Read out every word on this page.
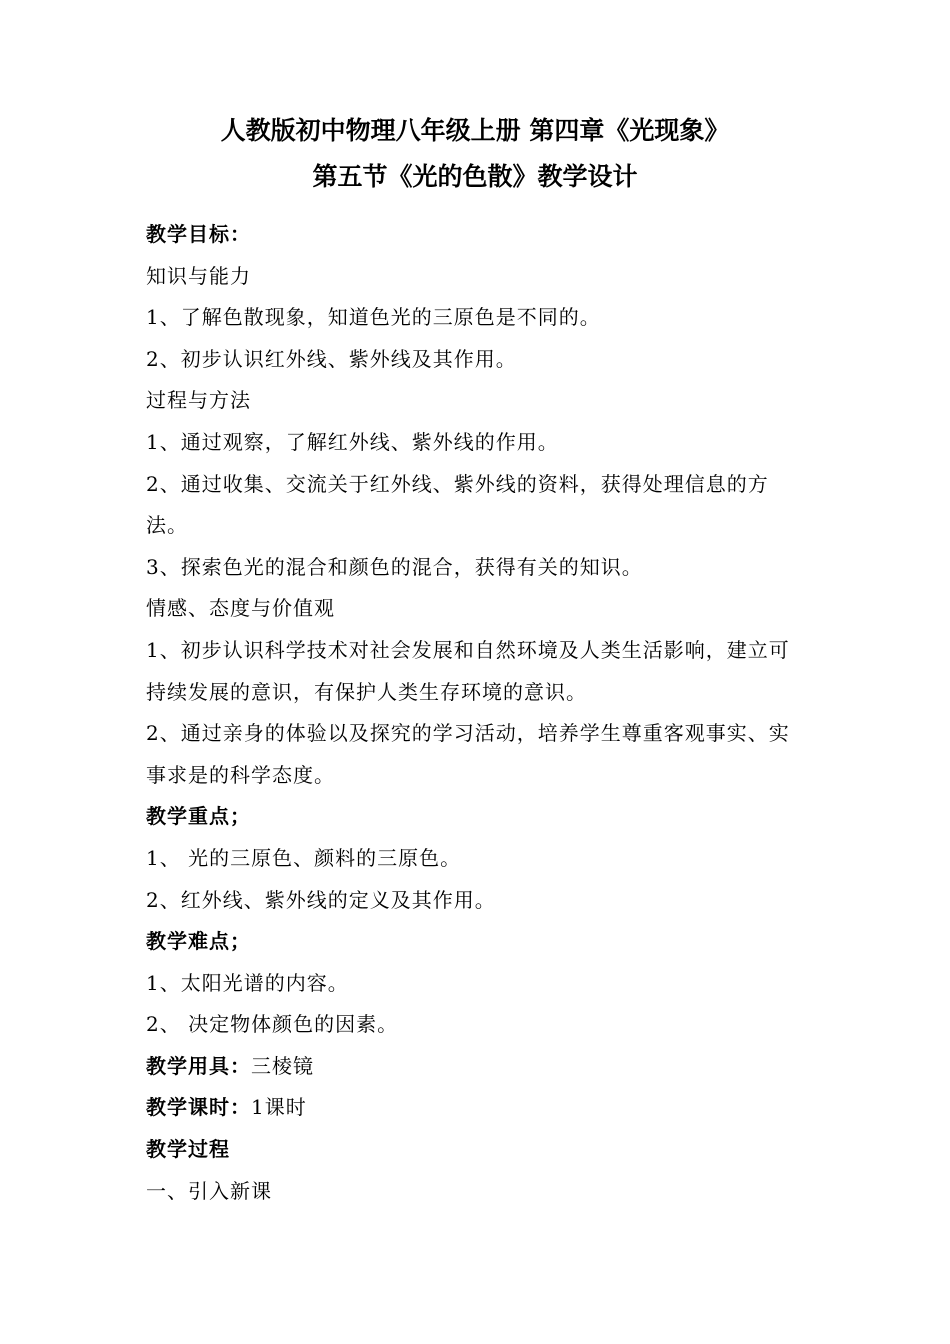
人教版初中物理八年级上册 第四章《光现象》
第五节《光的色散》教学设计

教学目标：

知识与能力

1、了解色散现象，知道色光的三原色是不同的。

2、初步认识红外线、紫外线及其作用。

过程与方法

1、通过观察，了解红外线、紫外线的作用。

2、通过收集、交流关于红外线、紫外线的资料，获得处理信息的方法。

3、探索色光的混合和颜色的混合，获得有关的知识。

情感、态度与价值观

1、初步认识科学技术对社会发展和自然环境及人类生活影响，建立可持续发展的意识，有保护人类生存环境的意识。

2、通过亲身的体验以及探究的学习活动，培养学生尊重客观事实、实事求是的科学态度。

教学重点；

1、 光的三原色、颜料的三原色。

2、红外线、紫外线的定义及其作用。

教学难点；

1、太阳光谱的内容。

2、 决定物体颜色的因素。

教学用具：三棱镜

教学课时：1课时

教学过程

一、引入新课
